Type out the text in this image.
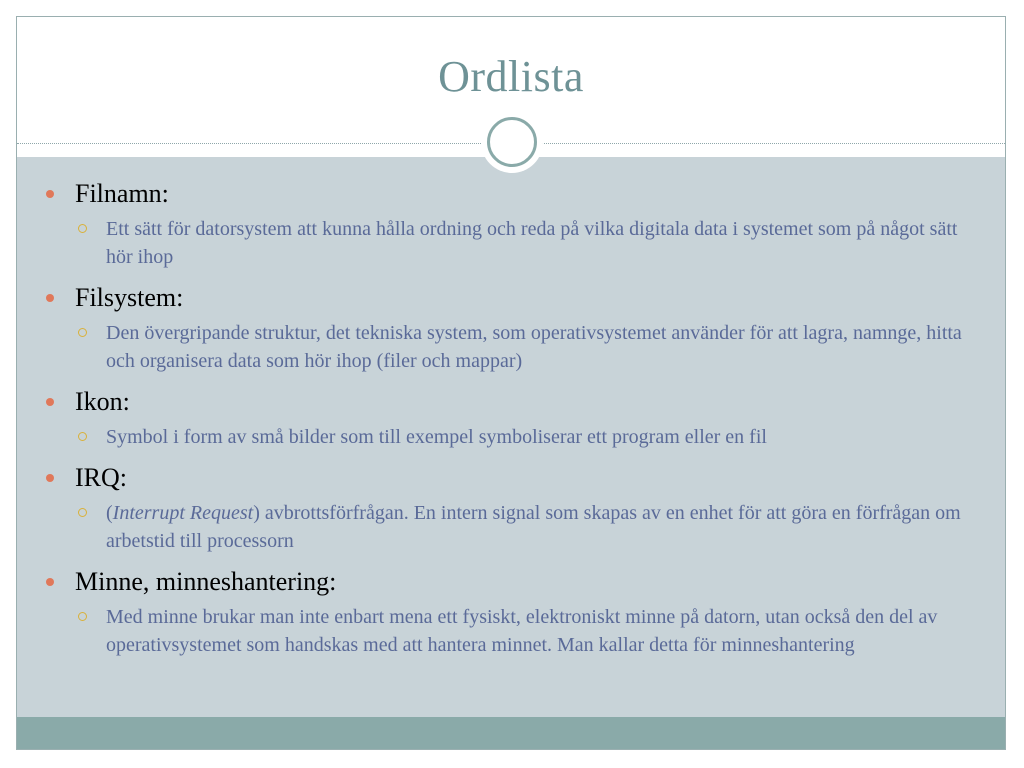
Ordlista
Filnamn:
Ett sätt för datorsystem att kunna hålla ordning och reda på vilka digitala data i systemet som på något sätt hör ihop
Filsystem:
Den övergripande struktur, det tekniska system, som operativsystemet använder för att lagra, namnge, hitta och organisera data som hör ihop (filer och mappar)
Ikon:
Symbol i form av små bilder som till exempel symboliserar ett program eller en fil
IRQ:
(Interrupt Request) avbrottsförfrågan. En intern signal som skapas av en enhet för att göra en förfrågan om arbetstid till processorn
Minne, minneshantering:
Med minne brukar man inte enbart mena ett fysiskt, elektroniskt minne på datorn, utan också den del av operativsystemet som handskas med att hantera minnet. Man kallar detta för minneshantering
